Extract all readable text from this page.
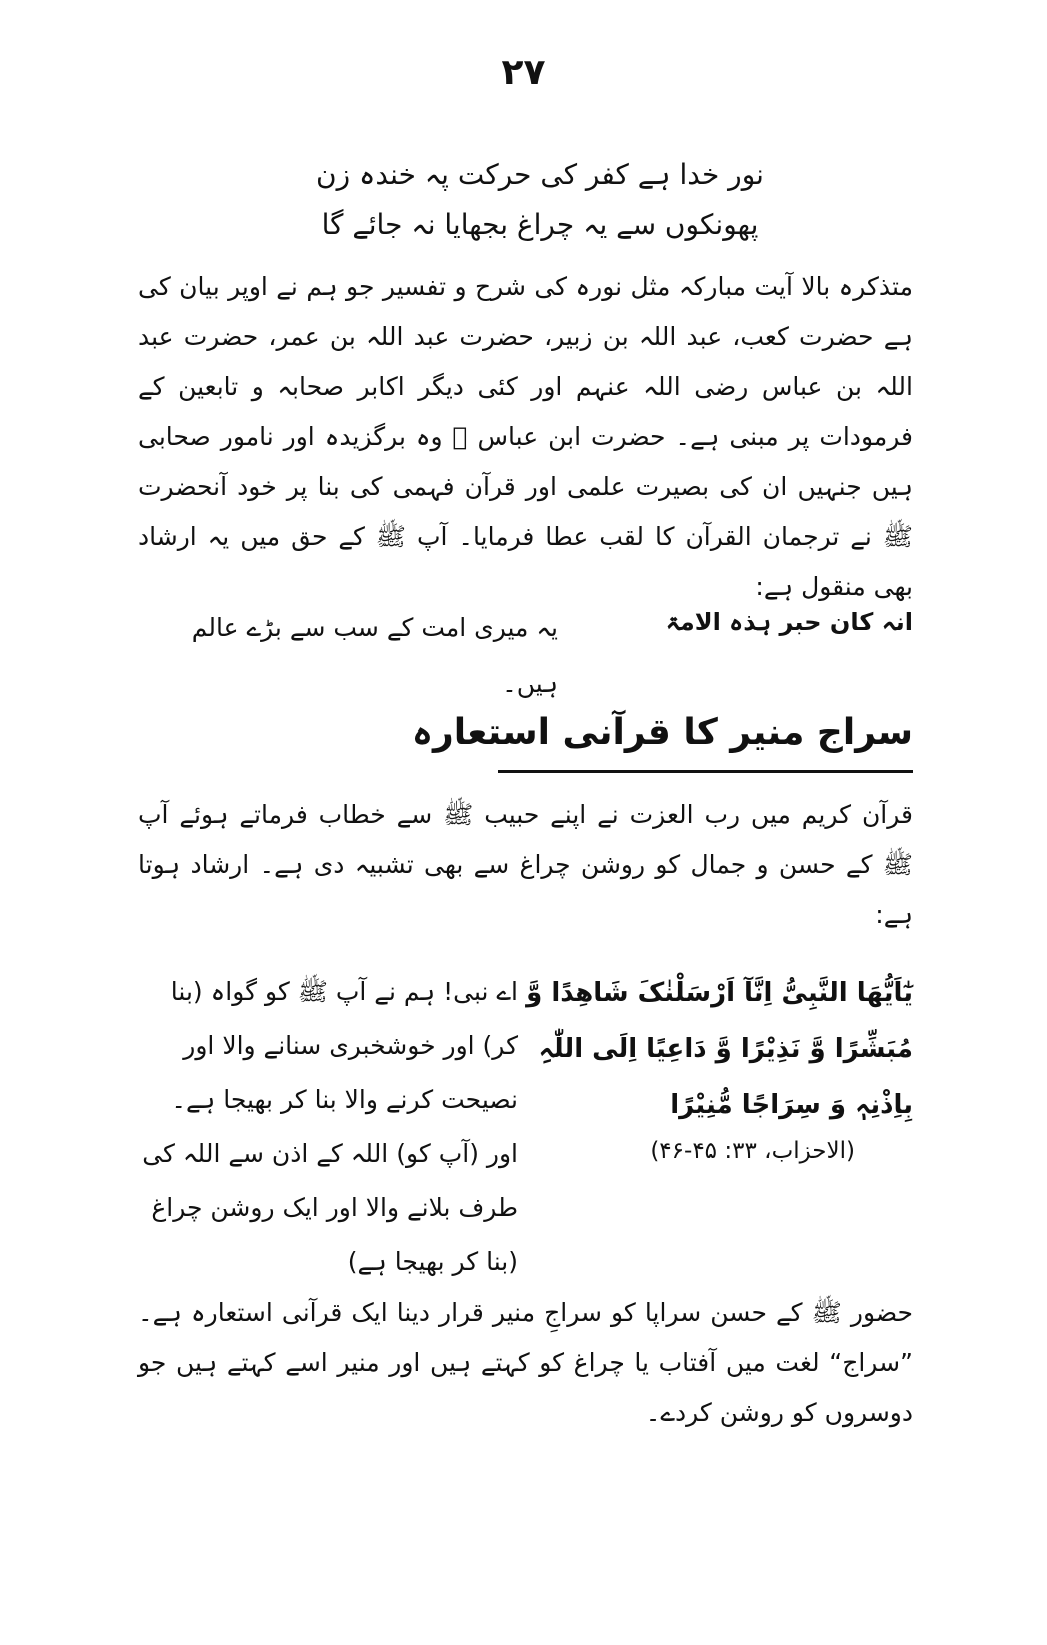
۲۷
نور خدا ہے کفر کی حرکت پہ خندہ زن
پھونکوں سے یہ چراغ بجھایا نہ جائے گا
متذکرہ بالا آیت مبارکہ مثل نورہ کی شرح و تفسیر جو ہم نے اوپر بیان کی ہے حضرت کعب، عبد اللہ بن زبیر، حضرت عبد اللہ بن عمر، حضرت عبد اللہ بن عباس رضی اللہ عنہم اور کئی دیگر اکابر صحابہ و تابعین کے فرمودات پر مبنی ہے۔ حضرت ابن عباس ﷜ وہ برگزیدہ اور نامور صحابی ہیں جنہیں ان کی بصیرت علمی اور قرآن فہمی کی بنا پر خود آنحضرت ﷺ نے ترجمان القرآن کا لقب عطا فرمایا۔ آپ ﷺ کے حق میں یہ ارشاد بھی منقول ہے:
انہ کان حبر ہذہ الامۃ
یہ میری امت کے سب سے بڑے عالم ہیں۔
سراج منیر کا قرآنی استعارہ
قرآن کریم میں رب العزت نے اپنے حبیب ﷺ سے خطاب فرماتے ہوئے آپ ﷺ کے حسن و جمال کو روشن چراغ سے بھی تشبیہ دی ہے۔ ارشاد ہوتا ہے:
یٰٓاَیُّھَا النَّبِیُّ اِنَّآ اَرْسَلْنٰکَ شَاھِدًا وَّ مُبَشِّرًا وَّ نَذِیْرًا وَّ دَاعِیًا اِلَی اللّٰہِ بِاِذْنِہٖ وَ سِرَاجًا مُّنِیْرًا
(الاحزاب، ۳۳: ۴۵-۴۶)
اے نبی! ہم نے آپ ﷺ کو گواہ (بنا کر) اور خوشخبری سنانے والا اور نصیحت کرنے والا بنا کر بھیجا ہے۔ اور (آپ کو) اللہ کے اذن سے اللہ کی طرف بلانے والا اور ایک روشن چراغ (بنا کر بھیجا ہے)
حضور ﷺ کے حسن سراپا کو سراجِ منیر قرار دینا ایک قرآنی استعارہ ہے۔ ”سراج“ لغت میں آفتاب یا چراغ کو کہتے ہیں اور منیر اسے کہتے ہیں جو دوسروں کو روشن کردے۔
